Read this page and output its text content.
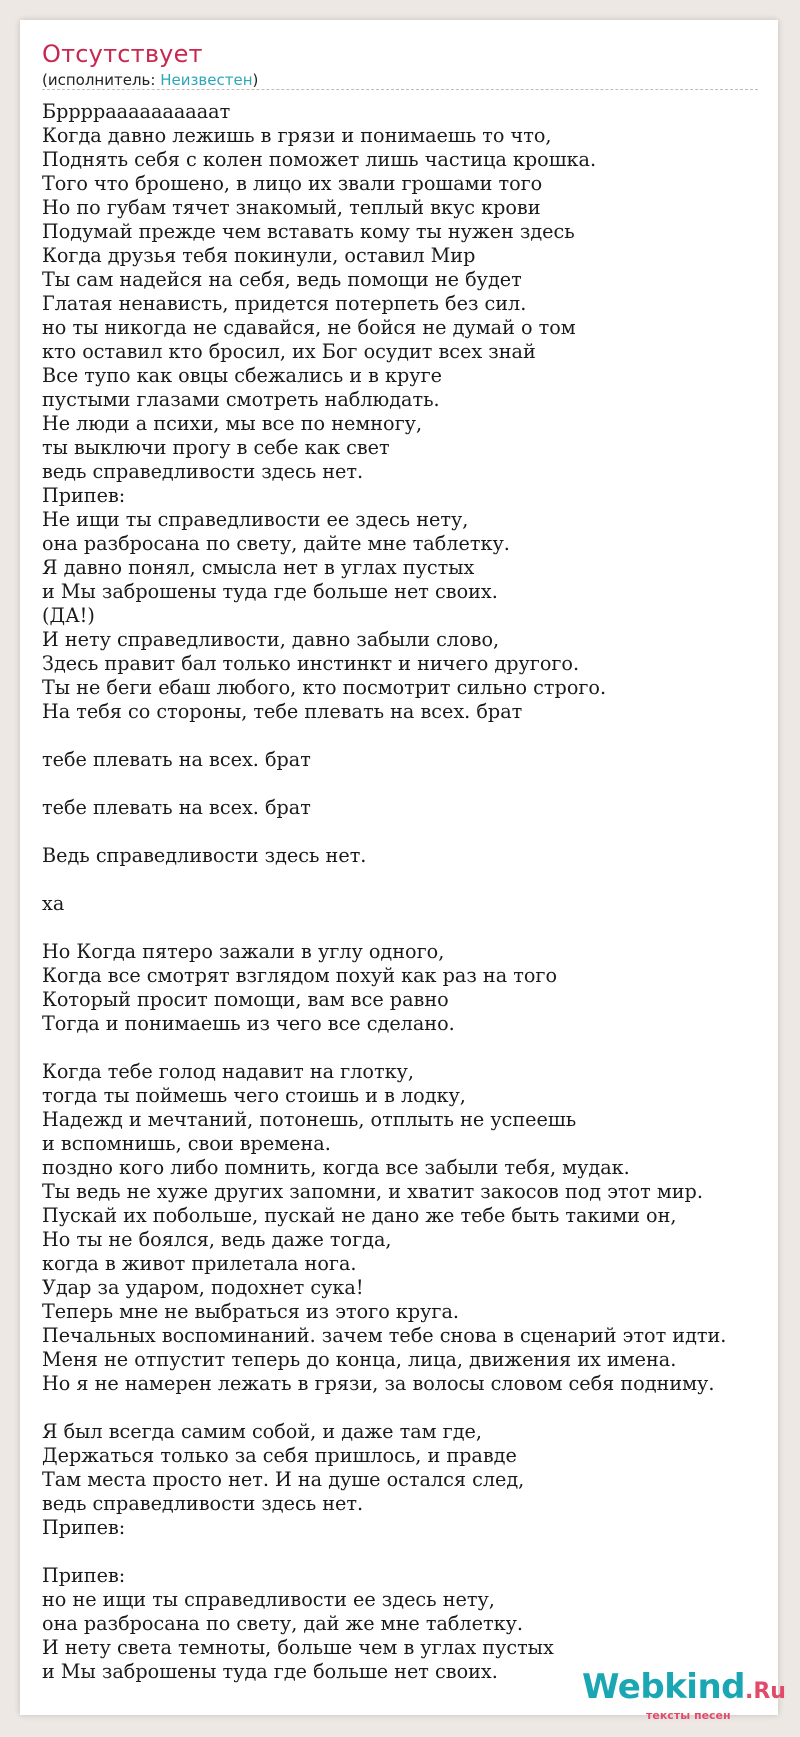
Отсутствует
(исполнитель: Неизвестен)
Брррраааааааааат
Когда давно лежишь в грязи и понимаешь то что,
Поднять себя с колен поможет лишь частица крошка.
Того что брошено, в лицо их звали грошами того
Но по губам тячет знакомый, теплый вкус крови
Подумай прежде чем вставать кому ты нужен здесь
Когда друзья тебя покинули, оставил Мир
Ты сам надейся на себя, ведь помощи не будет
Глатая ненависть, придется потерпеть без сил.
но ты никогда не сдавайся, не бойся не думай о том
кто оставил кто бросил, их Бог осудит всех знай
Все тупо как овцы сбежались и в круге
пустыми глазами смотреть наблюдать.
Не люди а психи, мы все по немногу,
ты выключи прогу в себе как свет
ведь справедливости здесь нет.
Припев:
Не ищи ты справедливости ее здесь нету,
она разбросана по свету, дайте мне таблетку.
Я давно понял, смысла нет в углах пустых
и Мы заброшены туда где больше нет своих.
(ДА!)
И нету справедливости, давно забыли слово,
Здесь правит бал только инстинкт и ничего другого.
Ты не беги ебаш любого, кто посмотрит сильно строго.
На тебя со стороны, тебе плевать на всех. брат
тебе плевать на всех. брат
тебе плевать на всех. брат
Ведь справедливости здесь нет.
ха
Но Когда пятеро зажали в углу одного,
Когда все смотрят взглядом похуй как раз на того
Который просит помощи, вам все равно
Тогда и понимаешь из чего все сделано.
Когда тебе голод надавит на глотку,
тогда ты поймешь чего стоишь и в лодку,
Надежд и мечтаний, потонешь, отплыть не успеешь
и вспомнишь, свои времена.
поздно кого либо помнить, когда все забыли тебя, мудак.
Ты ведь не хуже других запомни, и хватит закосов под этот мир.
Пускай их побольше, пускай не дано же тебе быть такими он,
Но ты не боялся, ведь даже тогда,
когда в живот прилетала нога.
Удар за ударом, подохнет сука!
Теперь мне не выбраться из этого круга.
Печальных воспоминаний. зачем тебе снова в сценарий этот идти.
Меня не отпустит теперь до конца, лица, движения их имена.
Но я не намерен лежать в грязи, за волосы словом себя подниму.
Я был всегда самим собой, и даже там где,
Держаться только за себя пришлось, и правде
Там места просто нет. И на душе остался след,
ведь справедливости здесь нет.
Припев:
Припев:
но не ищи ты справедливости ее здесь нету,
она разбросана по свету, дай же мне таблетку.
И нету света темноты, больше чем в углах пустых
и Мы заброшены туда где больше нет своих.	Webkind.Ru
тексты песен
